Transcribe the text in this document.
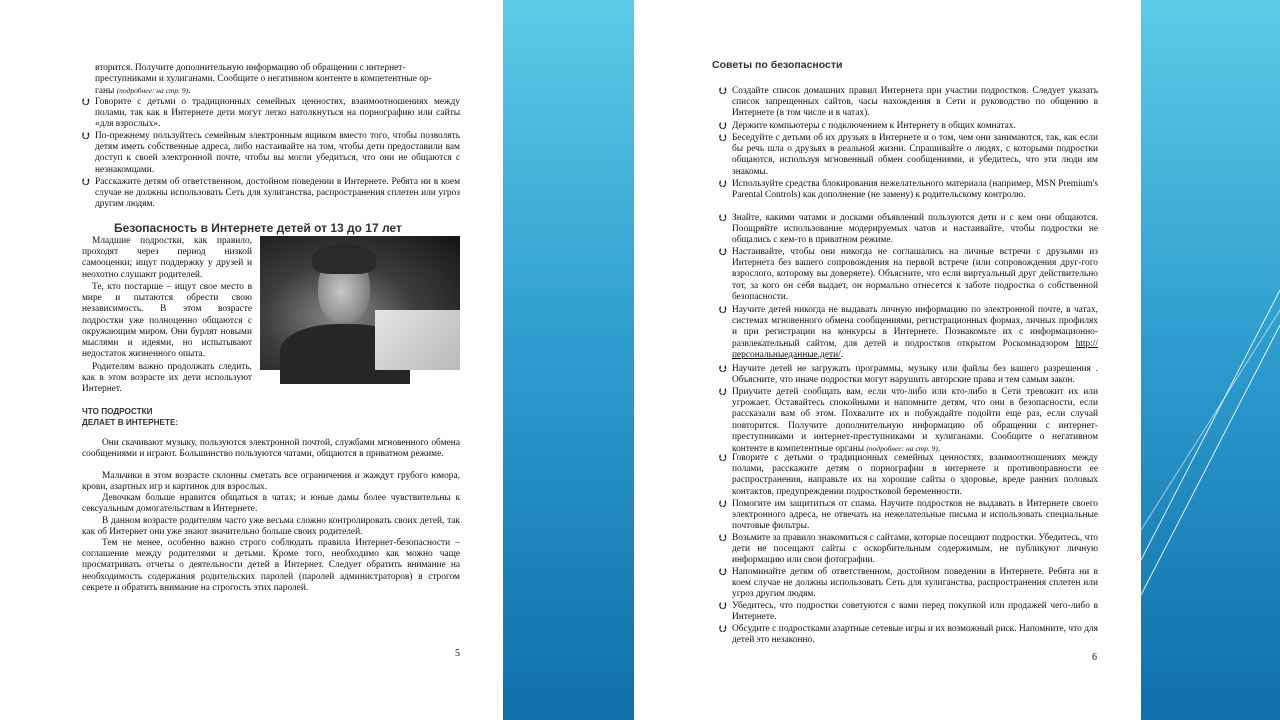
вторится. Получите дополнительную информацию об обращении с интернет-
преступниками и хулиганами. Сообщите о негативном контенте в компетентные ор-
ганы (подробнее: на стр. 9).
⮋ Говорите с детьми о традиционных семейных ценностях, взаимоотношениях между полами, так как в Интернете дети могут легко натолкнуться на порнографию или сайты «для взрослых».
⮋ По-прежнему пользуйтесь семейным электронным ящиком вместо того, чтобы позволять детям иметь собственные адреса, либо настаивайте на том, чтобы дети предоставили вам доступ к своей электронной почте, чтобы вы могли убедиться, что они не общаются с незнакомцами.
⮋ Расскажите детям об ответственном, достойном поведении в Интернете. Ребята ни в коем случае не должны использовать Сеть для хулиганства, распространения сплетен или угроз другим людям.
Безопасность в Интернете детей от 13 до 17 лет
Младшие подростки, как правило, проходят через период низкой самооценки; ищут поддержку у друзей и неохотно слушают родителей.
Те, кто постарше – ищут свое место в мире и пытаются обрести свою независимость. В этом возрасте подростки уже полноценно общаются с окружающим миром. Они бурлят новыми мыслями и идеями, но испытывают недостаток жизненного опыта.
Родителям важно продолжать следить, как в этом возрасте их дети используют Интернет.
ЧТО ПОДРОСТКИ
ДЕЛАЕТ В ИНТЕРНЕТЕ:
Они скачивают музыку, пользуются электронной почтой, службами мгновенного обмена сообщениями и играют. Большинство пользуются чатами, общаются в приватном режиме.
Мальчики в этом возрасте склонны сметать все ограничения и жаждут грубого юмора, крови, азартных игр и картинок для взрослых.
Девочкам больше нравится общаться в чатах; и юные дамы более чувствительны к сексуальным домогательствам в Интернете.
В данном возрасте родителям часто уже весьма сложно контролировать своих детей, так как об Интернет они уже знают значительно больше своих родителей.
Тем не менее, особенно важно строго соблюдать правила Интернет-безопасности – соглашение между родителями и детьми. Кроме того, необходимо как можно чаще просматривать отчеты о деятельности детей в Интернет. Следует обратить внимание на необходимость содержания родительских паролей (паролей администраторов) в строгом секрете и обратить внимание на строгость этих паролей.
5
Советы по безопасности
⮋ Создайте список домашних правил Интернета при участии подростков. Следует указать список запрещенных сайтов, часы нахождения в Сети и руководство по общению в Интернете (в том числе и в чатах).
⮋ Держите компьютеры с подключением к Интернету в общих комнатах.
⮋ Беседуйте с детьми об их друзьях в Интернете и о том, чем они занимаются, так, как если бы речь шла о друзьях в реальной жизни. Спрашивайте о людях, с которыми подростки общаются, используя мгновенный обмен сообщениями, и убедитесь, что эти люди им знакомы.
⮋ Используйте средства блокирования нежелательного материала (например, MSN Premium's Parental Controls) как дополнение (не замену) к родительскому контролю.
⮋ Знайте, какими чатами и досками объявлений пользуются дети и с кем они общаются. Поощряйте использование модерируемых чатов и настаивайте, чтобы подростки не общались с кем-то в приватном режиме.
⮋ Настаивайте, чтобы они никогда не соглашались на личные встречи с друзьями из Интернета без вашего сопровождения на первой встрече (или сопровождения друг-гого взрослого, которому вы доверяете). Объясните, что если виртуальный друг действительно тот, за кого он себя выдает, он нормально отнесется к заботе подростка о собственной безопасности.
⮋ Научите детей никогда не выдавать личную информацию по электронной почте, в чатах, системах мгновенного обмена сообщениями, регистрационных формах, личных профилях и при регистрации на конкурсы в Интернете. Познакомьте их с информационно-развлекательный сайтом, для детей и подростков открытом Роскомнадзором http://персональныеданные.дети/.
⮋ Научите детей не загружать программы, музыку или файлы без вашего разрешения . Объясните, что иначе подростки могут нарушить авторские права и тем самым закон.
⮋ Приучите детей сообщать вам, если что-либо или кто-либо в Сети тревожит их или угрожает. Оставайтесь спокойными и напомните детям, что они в безопасности, если рассказали вам об этом. Похвалите их и побуждайте подойти еще раз, если случай повторится. Получите дополнительную информацию об обращении с интернет-преступниками и интернет-преступниками и хулиганами. Сообщите о негативном контенте в компетентные органы (подробнее: на стр. 9).
⮋ Говорите с детьми о традиционных семейных ценностях, взаимоотношениях между полами, расскажите детям о порнографии в интернете и противоправности ее распространения, направьте их на хорошие сайты о здоровье, вреде ранних половых контактов, предупреждении подростковой беременности.
⮋ Помогите им защититься от спама. Научите подростков не выдавать в Интернете своего электронного адреса, не отвечать на нежелательные письма и использовать специальные почтовые фильтры.
⮋ Возьмите за правило знакомиться с сайтами, которые посещают подростки. Убедитесь, что дети не посещают сайты с оскорбительным содержимым, не публикуют личную информацию или свои фотографии.
⮋ Напоминайте детям об ответственном, достойном поведении в Интернете. Ребята ни в коем случае не должны использовать Сеть для хулиганства, распространения сплетен или угроз другим людям.
⮋ Убедитесь, что подростки советуются с вами перед покупкой или продажей чего-либо в Интернете.
⮋ Обсудите с подростками азартные сетевые игры и их возможный риск. Напомните, что для детей это незаконно.
6
